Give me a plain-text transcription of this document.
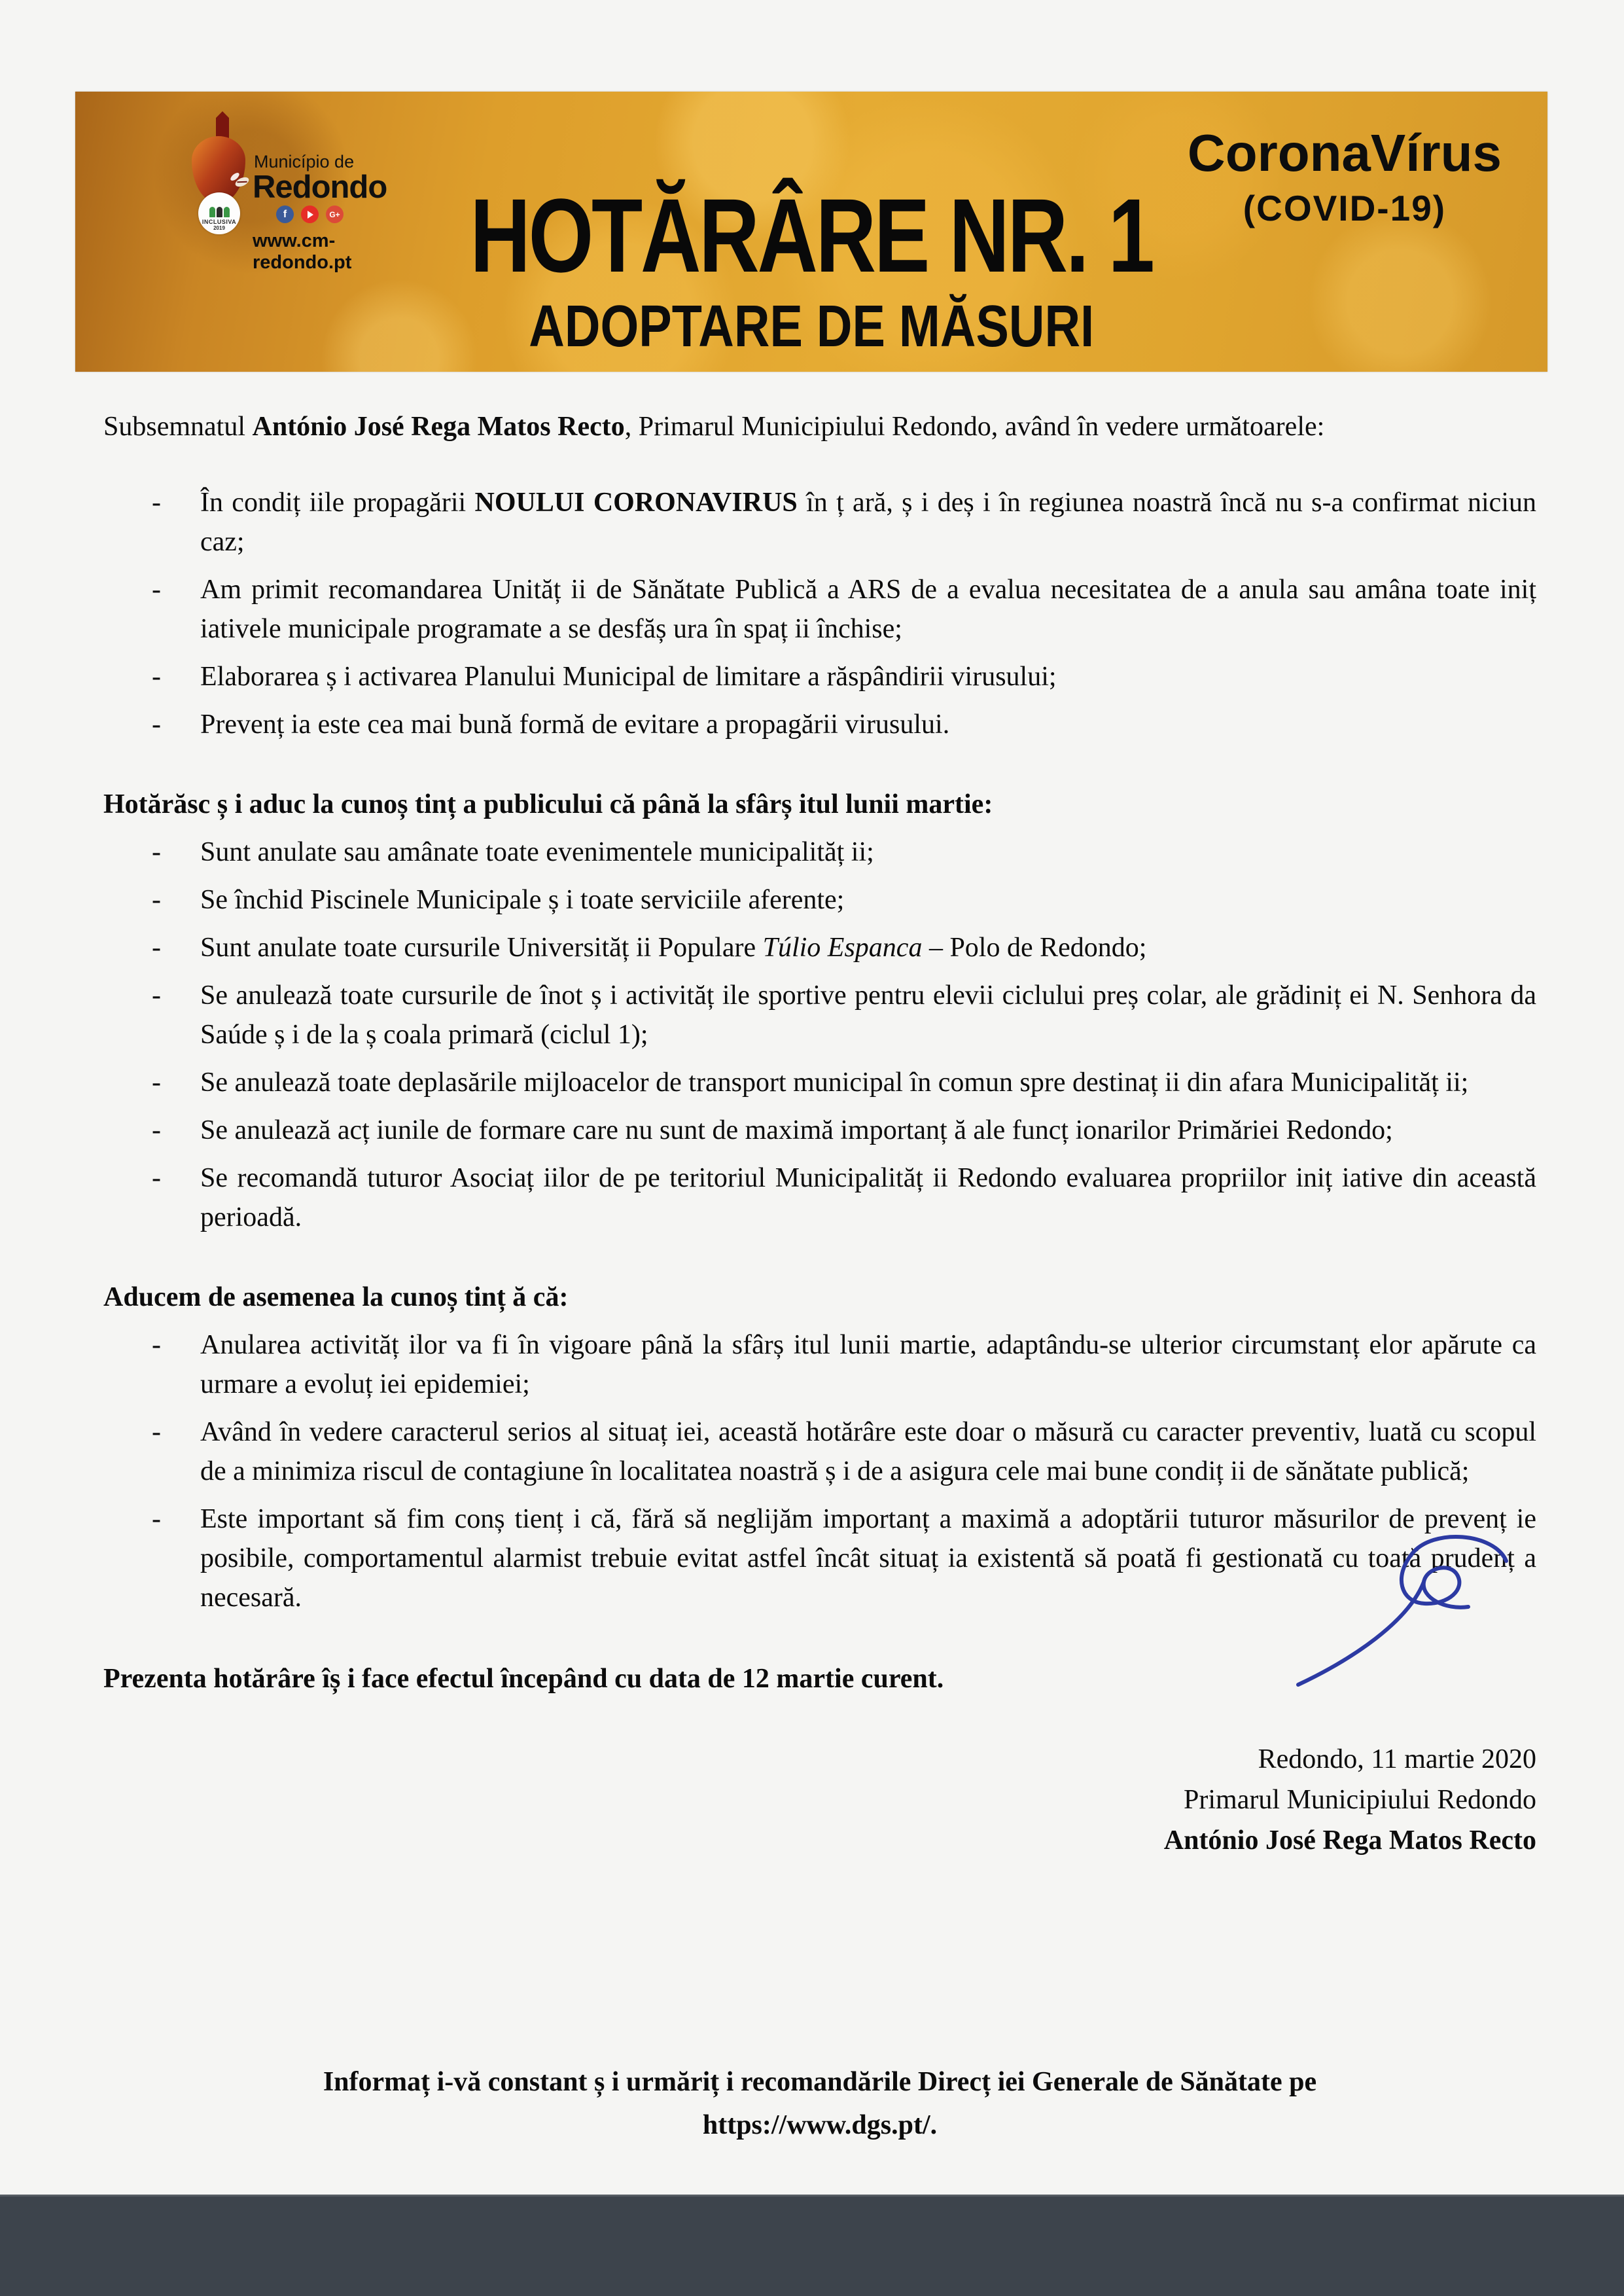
INCLUSIVA
2019
Município de
Redondo
f	G+
www.cm-redondo.pt
CoronaVírus
(COVID-19)
HOTĂRÂRE NR. 1
ADOPTARE DE MĂSURI

Subsemnatul António José Rega Matos Recto, Primarul Municipiului Redondo, având în vedere următoarele:

- În condiț iile propagării NOULUI CORONAVIRUS în ț ară, ș i deș i în regiunea noastră încă nu s-a confirmat niciun caz;
- Am primit recomandarea Unităț ii de Sănătate Publică a ARS de a evalua necesitatea de a anula sau amâna toate iniț iativele municipale programate a se desfăș ura în spaț ii închise;
- Elaborarea ș i activarea Planului Municipal de limitare a răspândirii virusului;
- Prevenț ia este cea mai bună formă de evitare a propagării virusului.

Hotărăsc ș i aduc la cunoș tinț a publicului că până la sfârș itul lunii martie:

- Sunt anulate sau amânate toate evenimentele municipalităț ii;
- Se închid Piscinele Municipale ș i toate serviciile aferente;
- Sunt anulate toate cursurile Universităț ii Populare Túlio Espanca – Polo de Redondo;
- Se anulează toate cursurile de înot ș i activităț ile sportive pentru elevii ciclului preș colar, ale grădiniț ei N. Senhora da Saúde ș i de la ș coala primară (ciclul 1);
- Se anulează toate deplasările mijloacelor de transport municipal în comun spre destinaț ii din afara Municipalităț ii;
- Se anulează acț iunile de formare care nu sunt de maximă importanț ă ale funcț ionarilor Primăriei Redondo;
- Se recomandă tuturor Asociaț iilor de pe teritoriul Municipalităț ii Redondo evaluarea propriilor iniț iative din această perioadă.

Aducem de asemenea la cunoș tinț ă că:

- Anularea activităț ilor va fi în vigoare până la sfârș itul lunii martie, adaptându-se ulterior circumstanț elor apărute ca urmare a evoluț iei epidemiei;
- Având în vedere caracterul serios al situaț iei, această hotărâre este doar o măsură cu caracter preventiv, luată cu scopul de a minimiza riscul de contagiune în localitatea noastră ș i de a asigura cele mai bune condiț ii de sănătate publică;
- Este important să fim conș tienț i că, fără să neglijăm importanț a maximă a adoptării tuturor măsurilor de prevenț ie posibile, comportamentul alarmist trebuie evitat astfel încât situaț ia existentă să poată fi gestionată cu toată prudenț a necesară.

Prezenta hotărâre îș i face efectul începând cu data de 12 martie curent.

Redondo, 11 martie 2020
Primarul Municipiului Redondo
António José Rega Matos Recto
Informaț i-vă constant ș i urmăriț i recomandările Direcț iei Generale de Sănătate pe
https://www.dgs.pt/.
